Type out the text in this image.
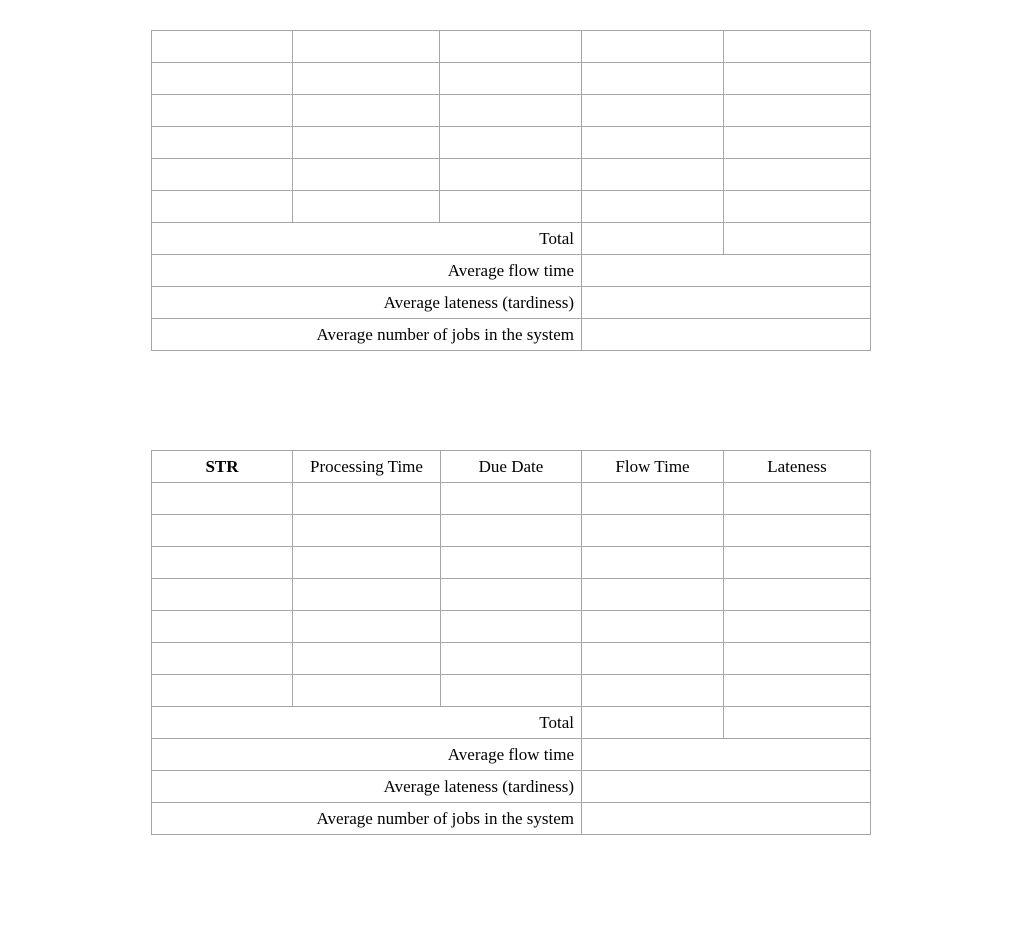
Total				
Average flow time				
Average lateness (tardiness)				
Average number of jobs in the system				
STR	Processing Time	Due Date	Flow Time	Lateness

Total				
Average flow time				
Average lateness (tardiness)				
Average number of jobs in the system				
